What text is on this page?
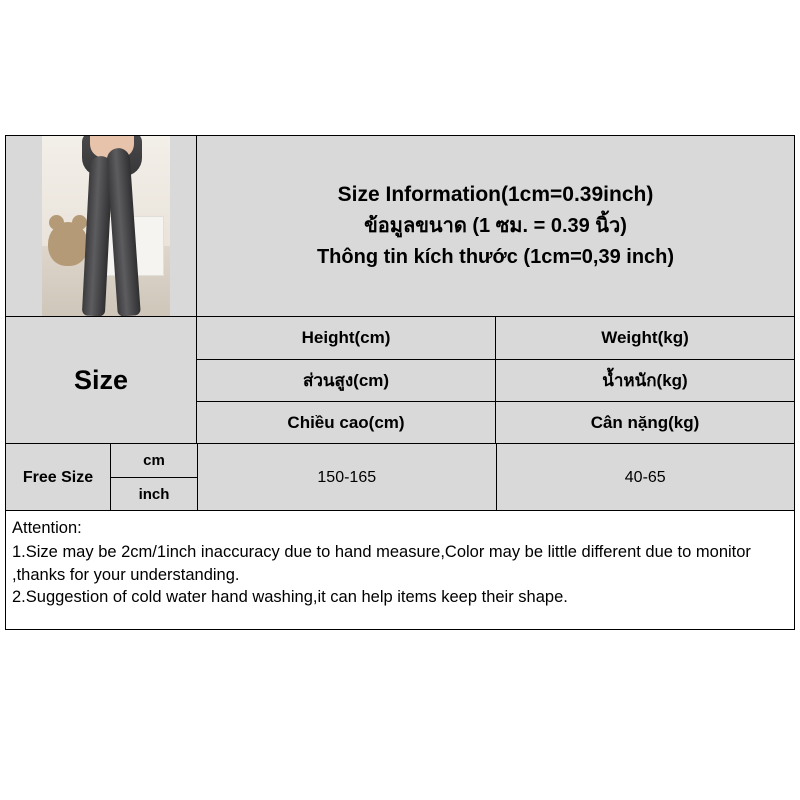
Size Information(1cm=0.39inch)
ข้อมูลขนาด (1 ซม. = 0.39 นิ้ว)
Thông tin kích thước (1cm=0,39 inch)
Size
Height(cm)
ส่วนสูง(cm)
Chiều cao(cm)
Weight(kg)
น้ำหนัก(kg)
Cân nặng(kg)
Free Size
cm
inch
150-165	40-65
Attention:
1.Size may be 2cm/1inch inaccuracy due to hand measure,Color may be little different due to monitor ,thanks for your understanding.
2.Suggestion of cold water hand washing,it can help items keep their shape.
